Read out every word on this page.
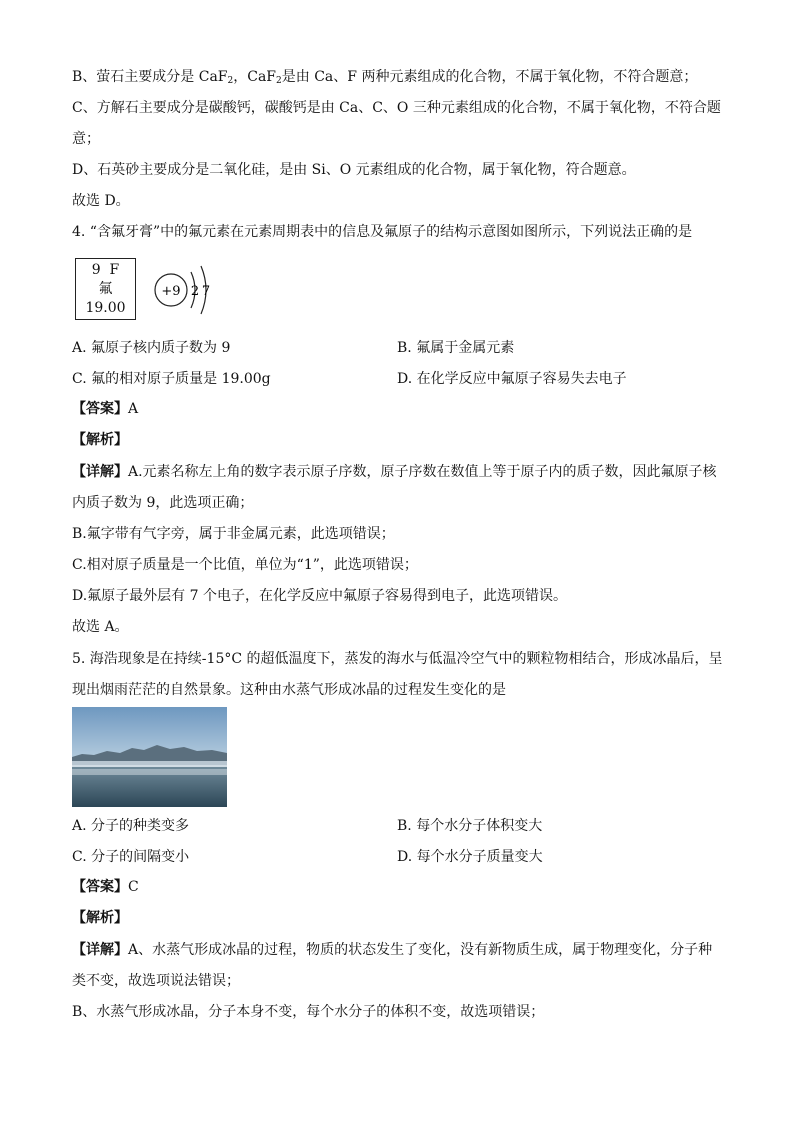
B、萤石主要成分是 CaF$_2$，CaF$_2$是由 Ca、F 两种元素组成的化合物，不属于氧化物，不符合题意；
C、方解石主要成分是碳酸钙，碳酸钙是由 Ca、C、O 三种元素组成的化合物，不属于氧化物，不符合题
意；
D、石英砂主要成分是二氧化硅，是由 Si、O 元素组成的化合物，属于氧化物，符合题意。
故选 D。
4. “含氟牙膏”中的氟元素在元素周期表中的信息及氟原子的结构示意图如图所示，下列说法正确的是
9 F
氟
19.00
+9 2 7
A. 氟原子核内质子数为 9	B. 氟属于金属元素
C. 氟的相对原子质量是 19.00g	D. 在化学反应中氟原子容易失去电子
【答案】A
【解析】
【详解】A.元素名称左上角的数字表示原子序数，原子序数在数值上等于原子内的质子数，因此氟原子核
内质子数为 9，此选项正确；
B.氟字带有气字旁，属于非金属元素，此选项错误；
C.相对原子质量是一个比值，单位为“1”，此选项错误；
D.氟原子最外层有 7 个电子，在化学反应中氟原子容易得到电子，此选项错误。
故选 A。
5. 海浩现象是在持续-15°C 的超低温度下，蒸发的海水与低温冷空气中的颗粒物相结合，形成冰晶后，呈
现出烟雨茫茫的自然景象。这种由水蒸气形成冰晶的过程发生变化的是
A. 分子的种类变多	B. 每个水分子体积变大
C. 分子的间隔变小	D. 每个水分子质量变大
【答案】C
【解析】
【详解】A、水蒸气形成冰晶的过程，物质的状态发生了变化，没有新物质生成，属于物理变化，分子种
类不变，故选项说法错误；
B、水蒸气形成冰晶，分子本身不变，每个水分子的体积不变，故选项错误；
